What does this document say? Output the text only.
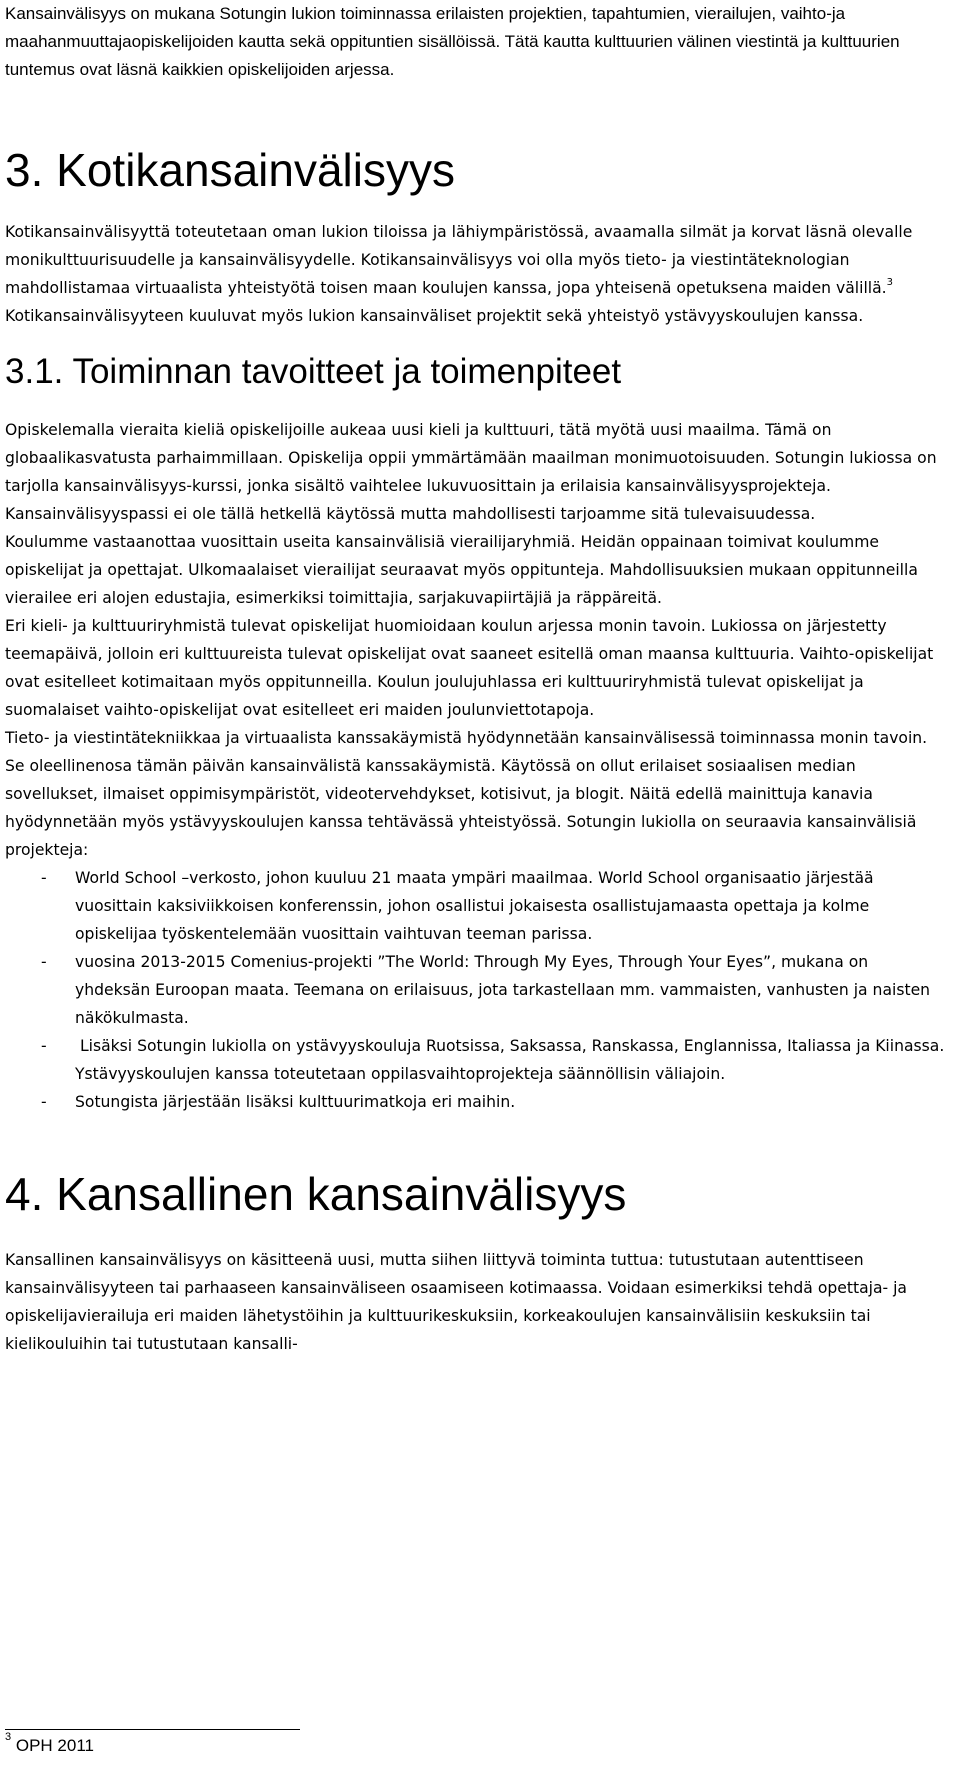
Kansainvälisyys on mukana Sotungin lukion toiminnassa erilaisten projektien, tapahtumien, vierailujen, vaihto-ja maahanmuuttajaopiskelijoiden kautta sekä oppituntien sisällöissä. Tätä kautta kulttuurien välinen viestintä ja kulttuurien tuntemus ovat läsnä kaikkien opiskelijoiden arjessa.

3. Kotikansainvälisyys

Kotikansainvälisyyttä toteutetaan oman lukion tiloissa ja lähiympäristössä, avaamalla silmät ja korvat läsnä olevalle monikulttuurisuudelle ja kansainvälisyydelle. Kotikansainvälisyys voi olla myös tieto- ja viestintäteknologian mahdollistamaa virtuaalista yhteistyötä toisen maan koulujen kanssa, jopa yhteisenä opetuksena maiden välillä.$^3$ Kotikansainvälisyyteen kuuluvat myös lukion kansainväliset projektit sekä yhteistyö ystävyyskoulujen kanssa.

3.1. Toiminnan tavoitteet ja toimenpiteet

Opiskelemalla vieraita kieliä opiskelijoille aukeaa uusi kieli ja kulttuuri, tätä myötä uusi maailma. Tämä on globaalikasvatusta parhaimmillaan. Opiskelija oppii ymmärtämään maailman monimuotoisuuden. Sotungin lukiossa on tarjolla kansainvälisyys-kurssi, jonka sisältö vaihtelee lukuvuosittain ja erilaisia kansainvälisyysprojekteja. Kansainvälisyyspassi ei ole tällä hetkellä käytössä mutta mahdollisesti tarjoamme sitä tulevaisuudessa.

Koulumme vastaanottaa vuosittain useita kansainvälisiä vierailijaryhmiä. Heidän oppainaan toimivat koulumme opiskelijat ja opettajat. Ulkomaalaiset vierailijat seuraavat myös oppitunteja. Mahdollisuuksien mukaan oppitunneilla vierailee eri alojen edustajia, esimerkiksi toimittajia, sarjakuvapiirtäjiä ja räppäreitä.

Eri kieli- ja kulttuuriryhmistä tulevat opiskelijat huomioidaan koulun arjessa monin tavoin. Lukiossa on järjestetty teemapäivä, jolloin eri kulttuureista tulevat opiskelijat ovat saaneet esitellä oman maansa kulttuuria. Vaihto-opiskelijat ovat esitelleet kotimaitaan myös oppitunneilla. Koulun joulujuhlassa eri kulttuuriryhmistä tulevat opiskelijat ja suomalaiset vaihto-opiskelijat ovat esitelleet eri maiden joulunviettotapoja.

Tieto- ja viestintätekniikkaa ja virtuaalista kanssakäymistä hyödynnetään kansainvälisessä toiminnassa monin tavoin. Se oleellinenosa tämän päivän kansainvälistä kanssakäymistä. Käytössä on ollut erilaiset sosiaalisen median sovellukset, ilmaiset oppimisympäristöt, videotervehdykset, kotisivut, ja blogit. Näitä edellä mainittuja kanavia hyödynnetään myös ystävyyskoulujen kanssa tehtävässä yhteistyössä. Sotungin lukiolla on seuraavia kansainvälisiä projekteja:

- World School –verkosto, johon kuuluu 21 maata ympäri maailmaa. World School organisaatio järjestää vuosittain kaksiviikkoisen konferenssin, johon osallistui jokaisesta osallistujamaasta opettaja ja kolme opiskelijaa työskentelemään vuosittain vaihtuvan teeman parissa.
- vuosina 2013-2015 Comenius-projekti ”The World: Through My Eyes, Through Your Eyes”, mukana on yhdeksän Euroopan maata. Teemana on erilaisuus, jota tarkastellaan mm. vammaisten, vanhusten ja naisten näkökulmasta.
- Lisäksi Sotungin lukiolla on ystävyyskouluja Ruotsissa, Saksassa, Ranskassa, Englannissa, Italiassa ja Kiinassa. Ystävyyskoulujen kanssa toteutetaan oppilasvaihtoprojekteja säännöllisin väliajoin.
- Sotungista järjestään lisäksi kulttuurimatkoja eri maihin.
4. Kansallinen kansainvälisyys

Kansallinen kansainvälisyys on käsitteenä uusi, mutta siihen liittyvä toiminta tuttua: tutustutaan autenttiseen kansainvälisyyteen tai parhaaseen kansainväliseen osaamiseen kotimaassa. Voidaan esimerkiksi tehdä opettaja- ja opiskelijavierailuja eri maiden lähetystöihin ja kulttuurikeskuksiin, korkeakoulujen kansainvälisiin keskuksiin tai kielikouluihin tai tutustutaan kansalli-

$^3$ OPH 2011
